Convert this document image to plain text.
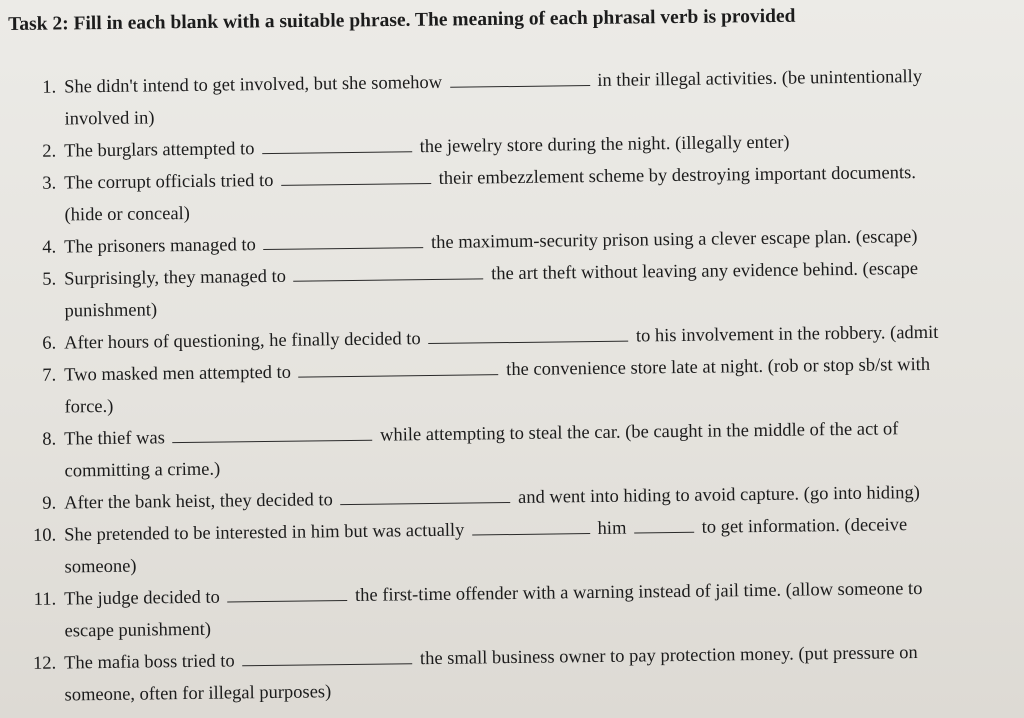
Task 2: Fill in each blank with a suitable phrase. The meaning of each phrasal verb is provided
1. She didn't intend to get involved, but she somehow	in their illegal activities. (be unintentionally
involved in)
2. The burglars attempted to	the jewelry store during the night. (illegally enter)
3. The corrupt officials tried to	their embezzlement scheme by destroying important documents.
(hide or conceal)
4. The prisoners managed to	the maximum-security prison using a clever escape plan. (escape)
5. Surprisingly, they managed to	the art theft without leaving any evidence behind. (escape
punishment)
6. After hours of questioning, he finally decided to	to his involvement in the robbery. (admit
7. Two masked men attempted to	the convenience store late at night. (rob or stop sb/st with
force.)
8. The thief was	while attempting to steal the car. (be caught in the middle of the act of
committing a crime.)
9. After the bank heist, they decided to	and went into hiding to avoid capture. (go into hiding)
10. She pretended to be interested in him but was actually	him	to get information. (deceive
someone)
11. The judge decided to	the first-time offender with a warning instead of jail time. (allow someone to
escape punishment)
12. The mafia boss tried to	the small business owner to pay protection money. (put pressure on
someone, often for illegal purposes)
